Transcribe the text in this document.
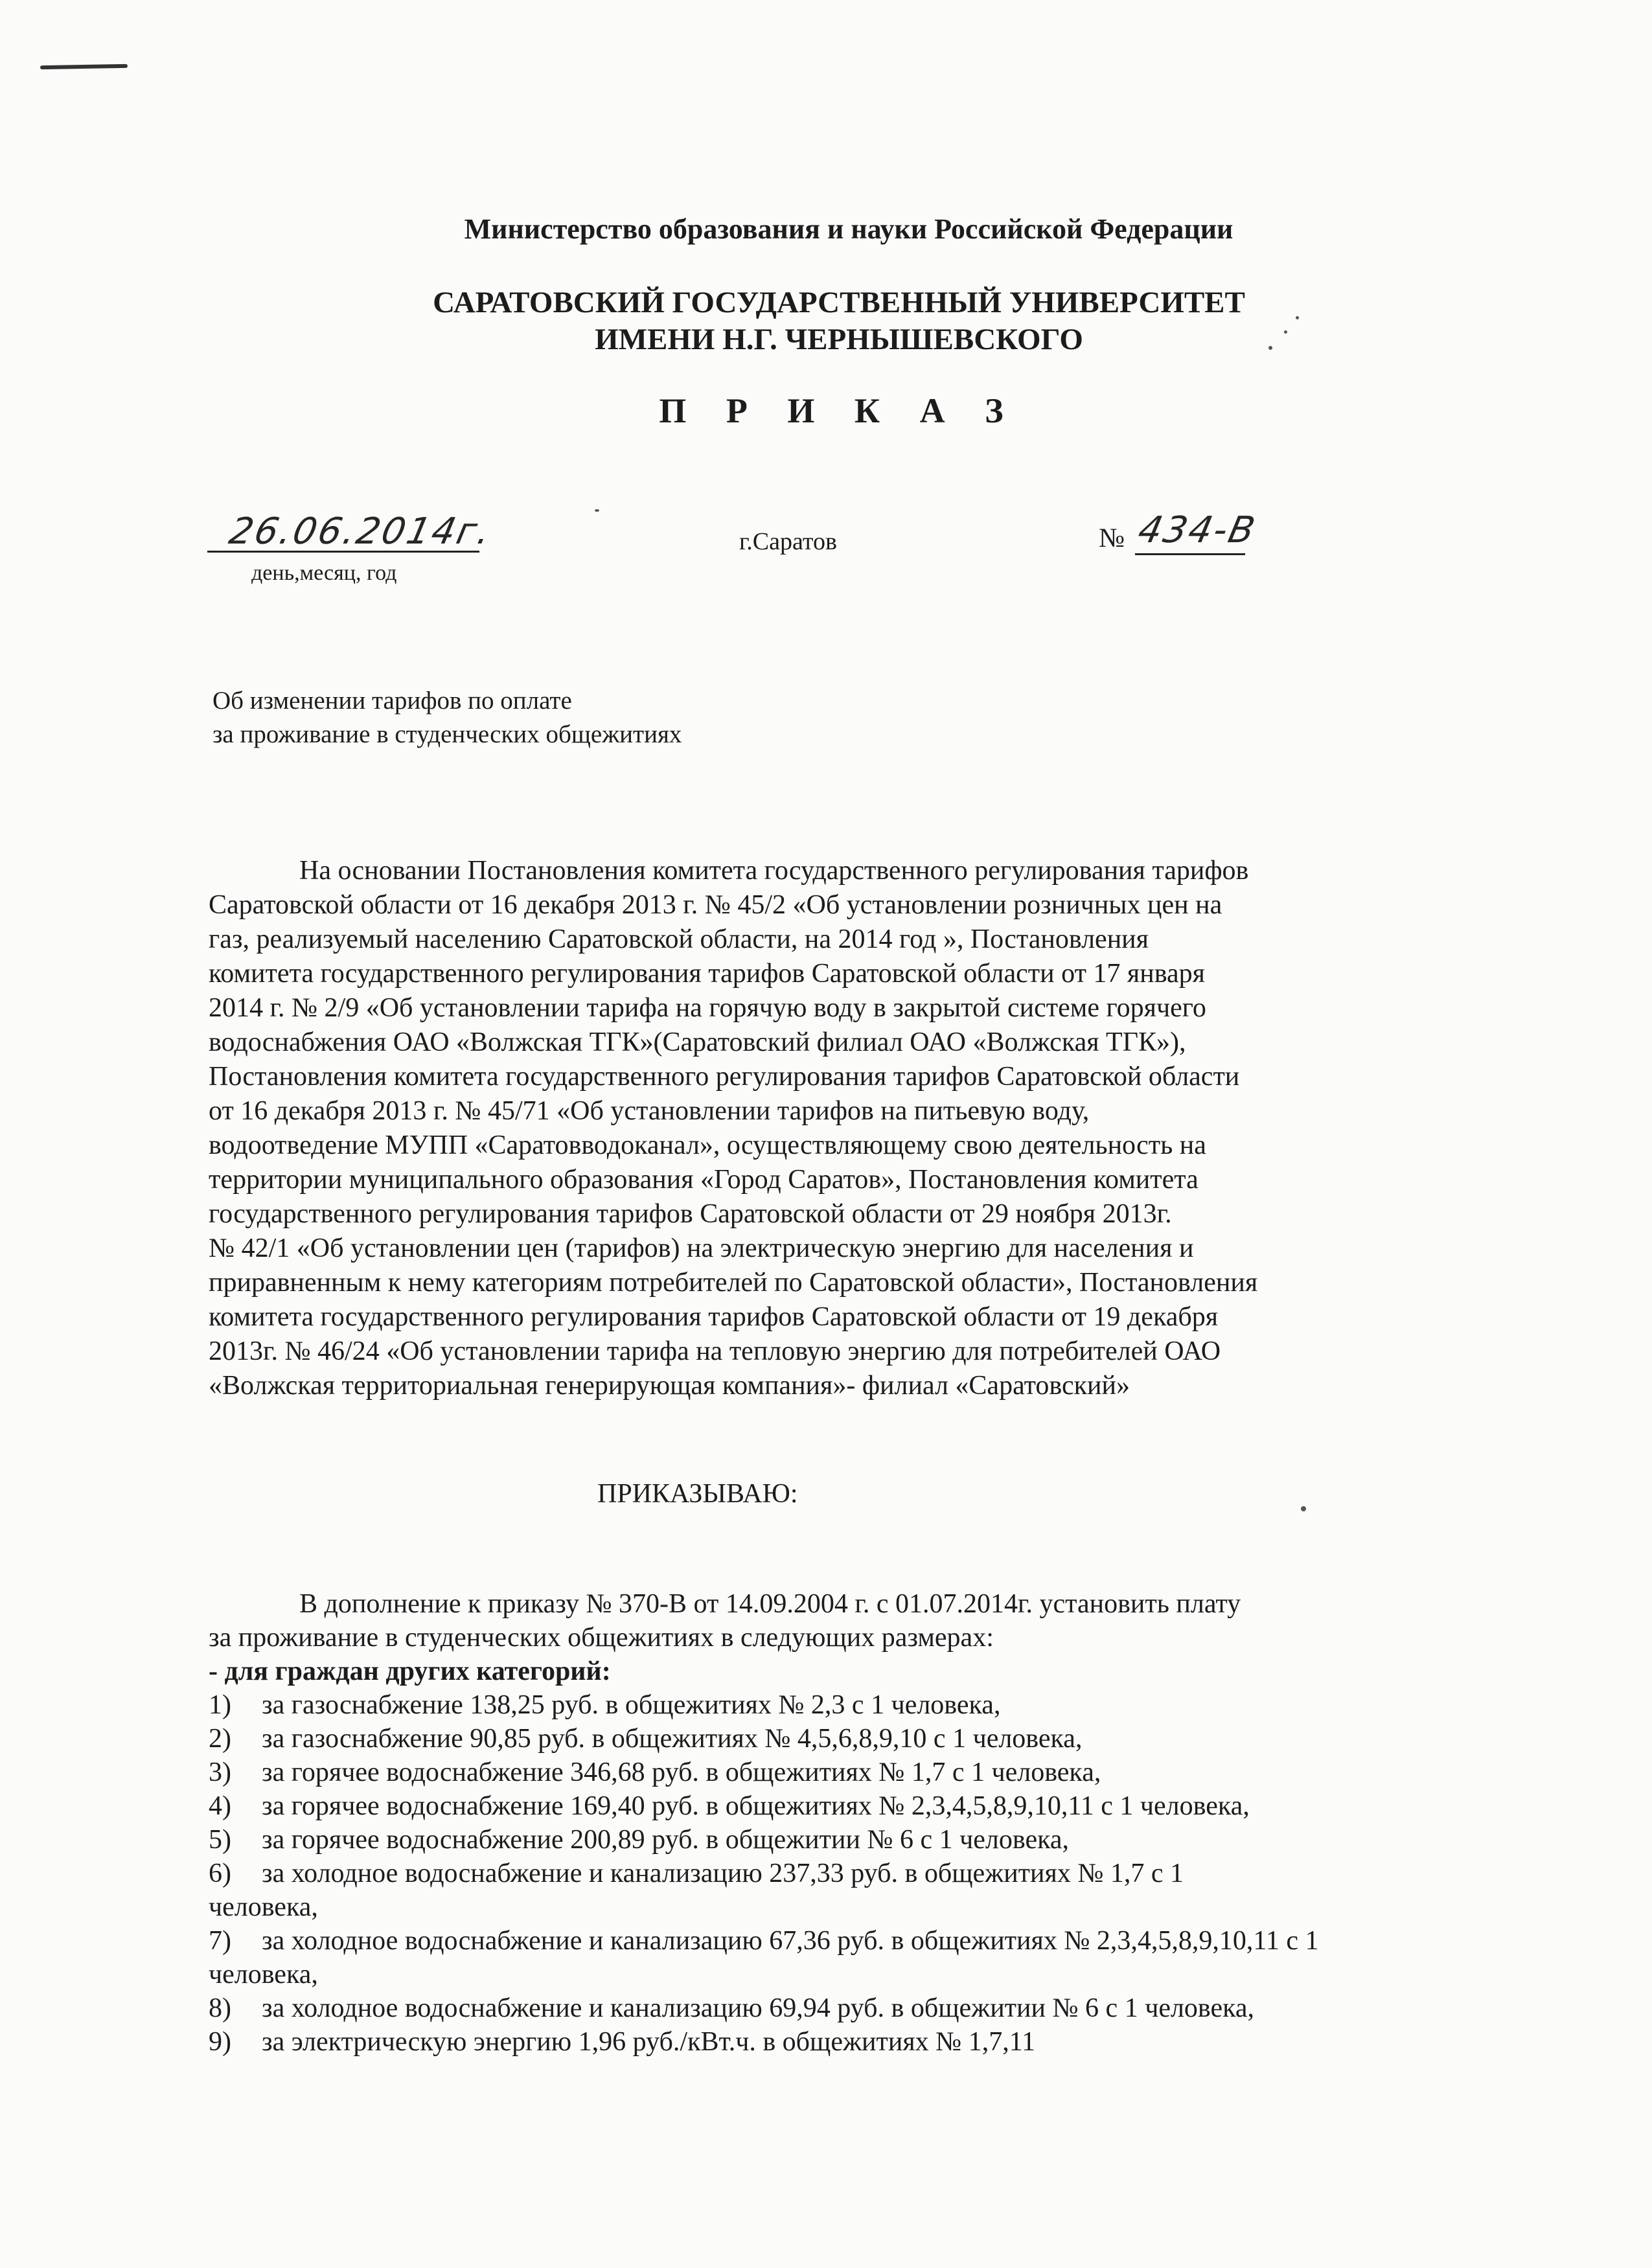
Министерство образования и науки Российской Федерации
САРАТОВСКИЙ ГОСУДАРСТВЕННЫЙ УНИВЕРСИТЕТ
ИМЕНИ Н.Г. ЧЕРНЫШЕВСКОГО
П Р И К А З
26.06.2014г.
день,месяц, год
г.Саратов	№ 434-В
Об изменении тарифов по оплате
за проживание в студенческих общежитиях
На основании Постановления комитета государственного регулирования тарифов
Саратовской области от 16 декабря 2013 г. № 45/2 «Об установлении розничных цен на
газ, реализуемый населению Саратовской области, на 2014 год », Постановления
комитета государственного регулирования тарифов Саратовской области от 17 января
2014 г. № 2/9 «Об установлении тарифа на горячую воду в закрытой системе горячего
водоснабжения ОАО «Волжская ТГК»(Саратовский филиал ОАО «Волжская ТГК»),
Постановления комитета государственного регулирования тарифов Саратовской области
от 16 декабря 2013 г. № 45/71 «Об установлении тарифов на питьевую воду,
водоотведение МУПП «Саратовводоканал», осуществляющему свою деятельность на
территории муниципального образования «Город Саратов», Постановления комитета
государственного регулирования тарифов Саратовской области от 29 ноября 2013г.
№ 42/1 «Об установлении цен (тарифов) на электрическую энергию для населения и
приравненным к нему категориям потребителей по Саратовской области», Постановления
комитета государственного регулирования тарифов Саратовской области от 19 декабря
2013г. № 46/24 «Об установлении тарифа на тепловую энергию для потребителей ОАО
«Волжская территориальная генерирующая компания»- филиал «Саратовский»
ПРИКАЗЫВАЮ:
В дополнение к приказу № 370-В от 14.09.2004 г. с 01.07.2014г. установить плату
за проживание в студенческих общежитиях в следующих размерах:
- для граждан других категорий:
1) за газоснабжение 138,25 руб. в общежитиях № 2,3 с 1 человека,
2) за газоснабжение 90,85 руб. в общежитиях № 4,5,6,8,9,10 с 1 человека,
3) за горячее водоснабжение 346,68 руб. в общежитиях № 1,7 с 1 человека,
4) за горячее водоснабжение 169,40 руб. в общежитиях № 2,3,4,5,8,9,10,11 с 1 человека,
5) за горячее водоснабжение 200,89 руб. в общежитии № 6 с 1 человека,
6) за холодное водоснабжение и канализацию 237,33 руб. в общежитиях № 1,7 с 1
человека,
7) за холодное водоснабжение и канализацию 67,36 руб. в общежитиях № 2,3,4,5,8,9,10,11 с 1
человека,
8) за холодное водоснабжение и канализацию 69,94 руб. в общежитии № 6 с 1 человека,
9) за электрическую энергию 1,96 руб./кВт.ч. в общежитиях № 1,7,11
